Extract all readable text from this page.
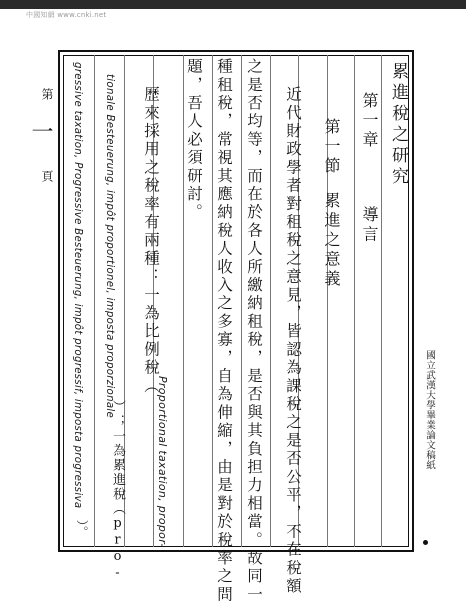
中國知網 www.cnki.net
第
一
頁
國立武漢大學畢業論文稿紙
累進稅之研究
第一章
導言
第一節
累進之意義
近代財政學者對租稅之意見，皆認為課稅之是否公平，不在稅額
之是否均等，而在於各人所繳納租稅，是否與其負担力相當。故同一
種租稅，常視其應納稅人收入之多寡，自為伸縮，由是對於稅率之問
題，吾人必須研討。
歷來採用之稅率有兩種：一為比例稅（
Proportional taxation, propor-
tionale Besteuerung, impôt proportionel, imposta proporzionale
）；一為累進稅（pro-
gressive taxation, Progressive Besteuerung, impôt progressif, imposta progressiva
）。
